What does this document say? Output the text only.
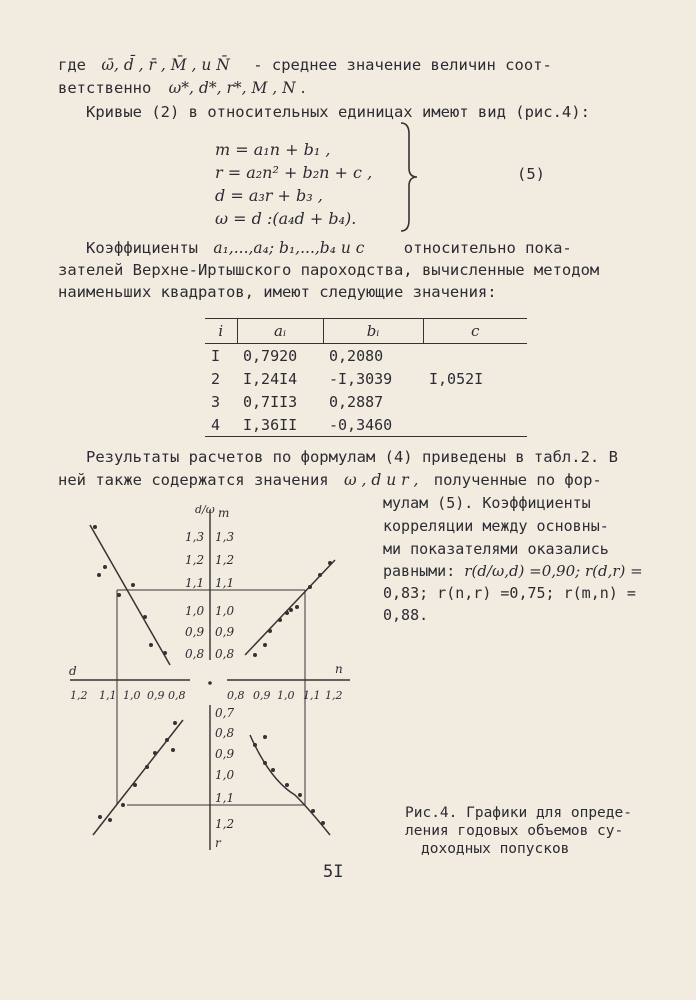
где ω̄, d̄ , r̄ , M̄ , и N̄ - среднее значение величин соот-
ветственно ω*, d*, r*, M , N .
Кривые (2) в относительных единицах имеют вид (рис.4):
m = a₁n + b₁ ,
r = a₂n² + b₂n + c ,
d = a₃r + b₃ ,
ω = d :(a₄d + b₄).
(5)
Коэффициенты a₁,...,a₄; b₁,...,b₄ и c	относительно пока-
зателей Верхне-Иртышского пароходства, вычисленные методом
наименьших квадратов, имеют следующие значения:
i	aᵢ	bᵢ	c
I	0,7920	0,2080	
2	I,24I4	-I,3039	I,052I
3	0,7II3	0,2887	
4	I,36II	-0,3460	
Результаты расчетов по формулам (4) приведены в табл.2. В
ней также содержатся значения ω , d и r , полученные по фор-
мулам (5). Коэффициенты
корреляции между основны-
ми показателями оказались
равными: r(d/ω,d) =0,90; r(d,r) =
0,83; r(n,r) =0,75; r(m,n) =
0,88.
d/ω m
1,3
1,2
1,1
1,0
0,9
0,8
1,3
1,2
1,1
1,0
0,9
0,8
d	n
1,2 1,1 1,0 0,9 0,8	0,8 0,9 1,0 1,1 1,2
0,7
0,8
0,9
1,0
1,1
1,2
r
Рис.4. Графики для опреде-
ления годовых объемов су-
доходных попусков
5I
